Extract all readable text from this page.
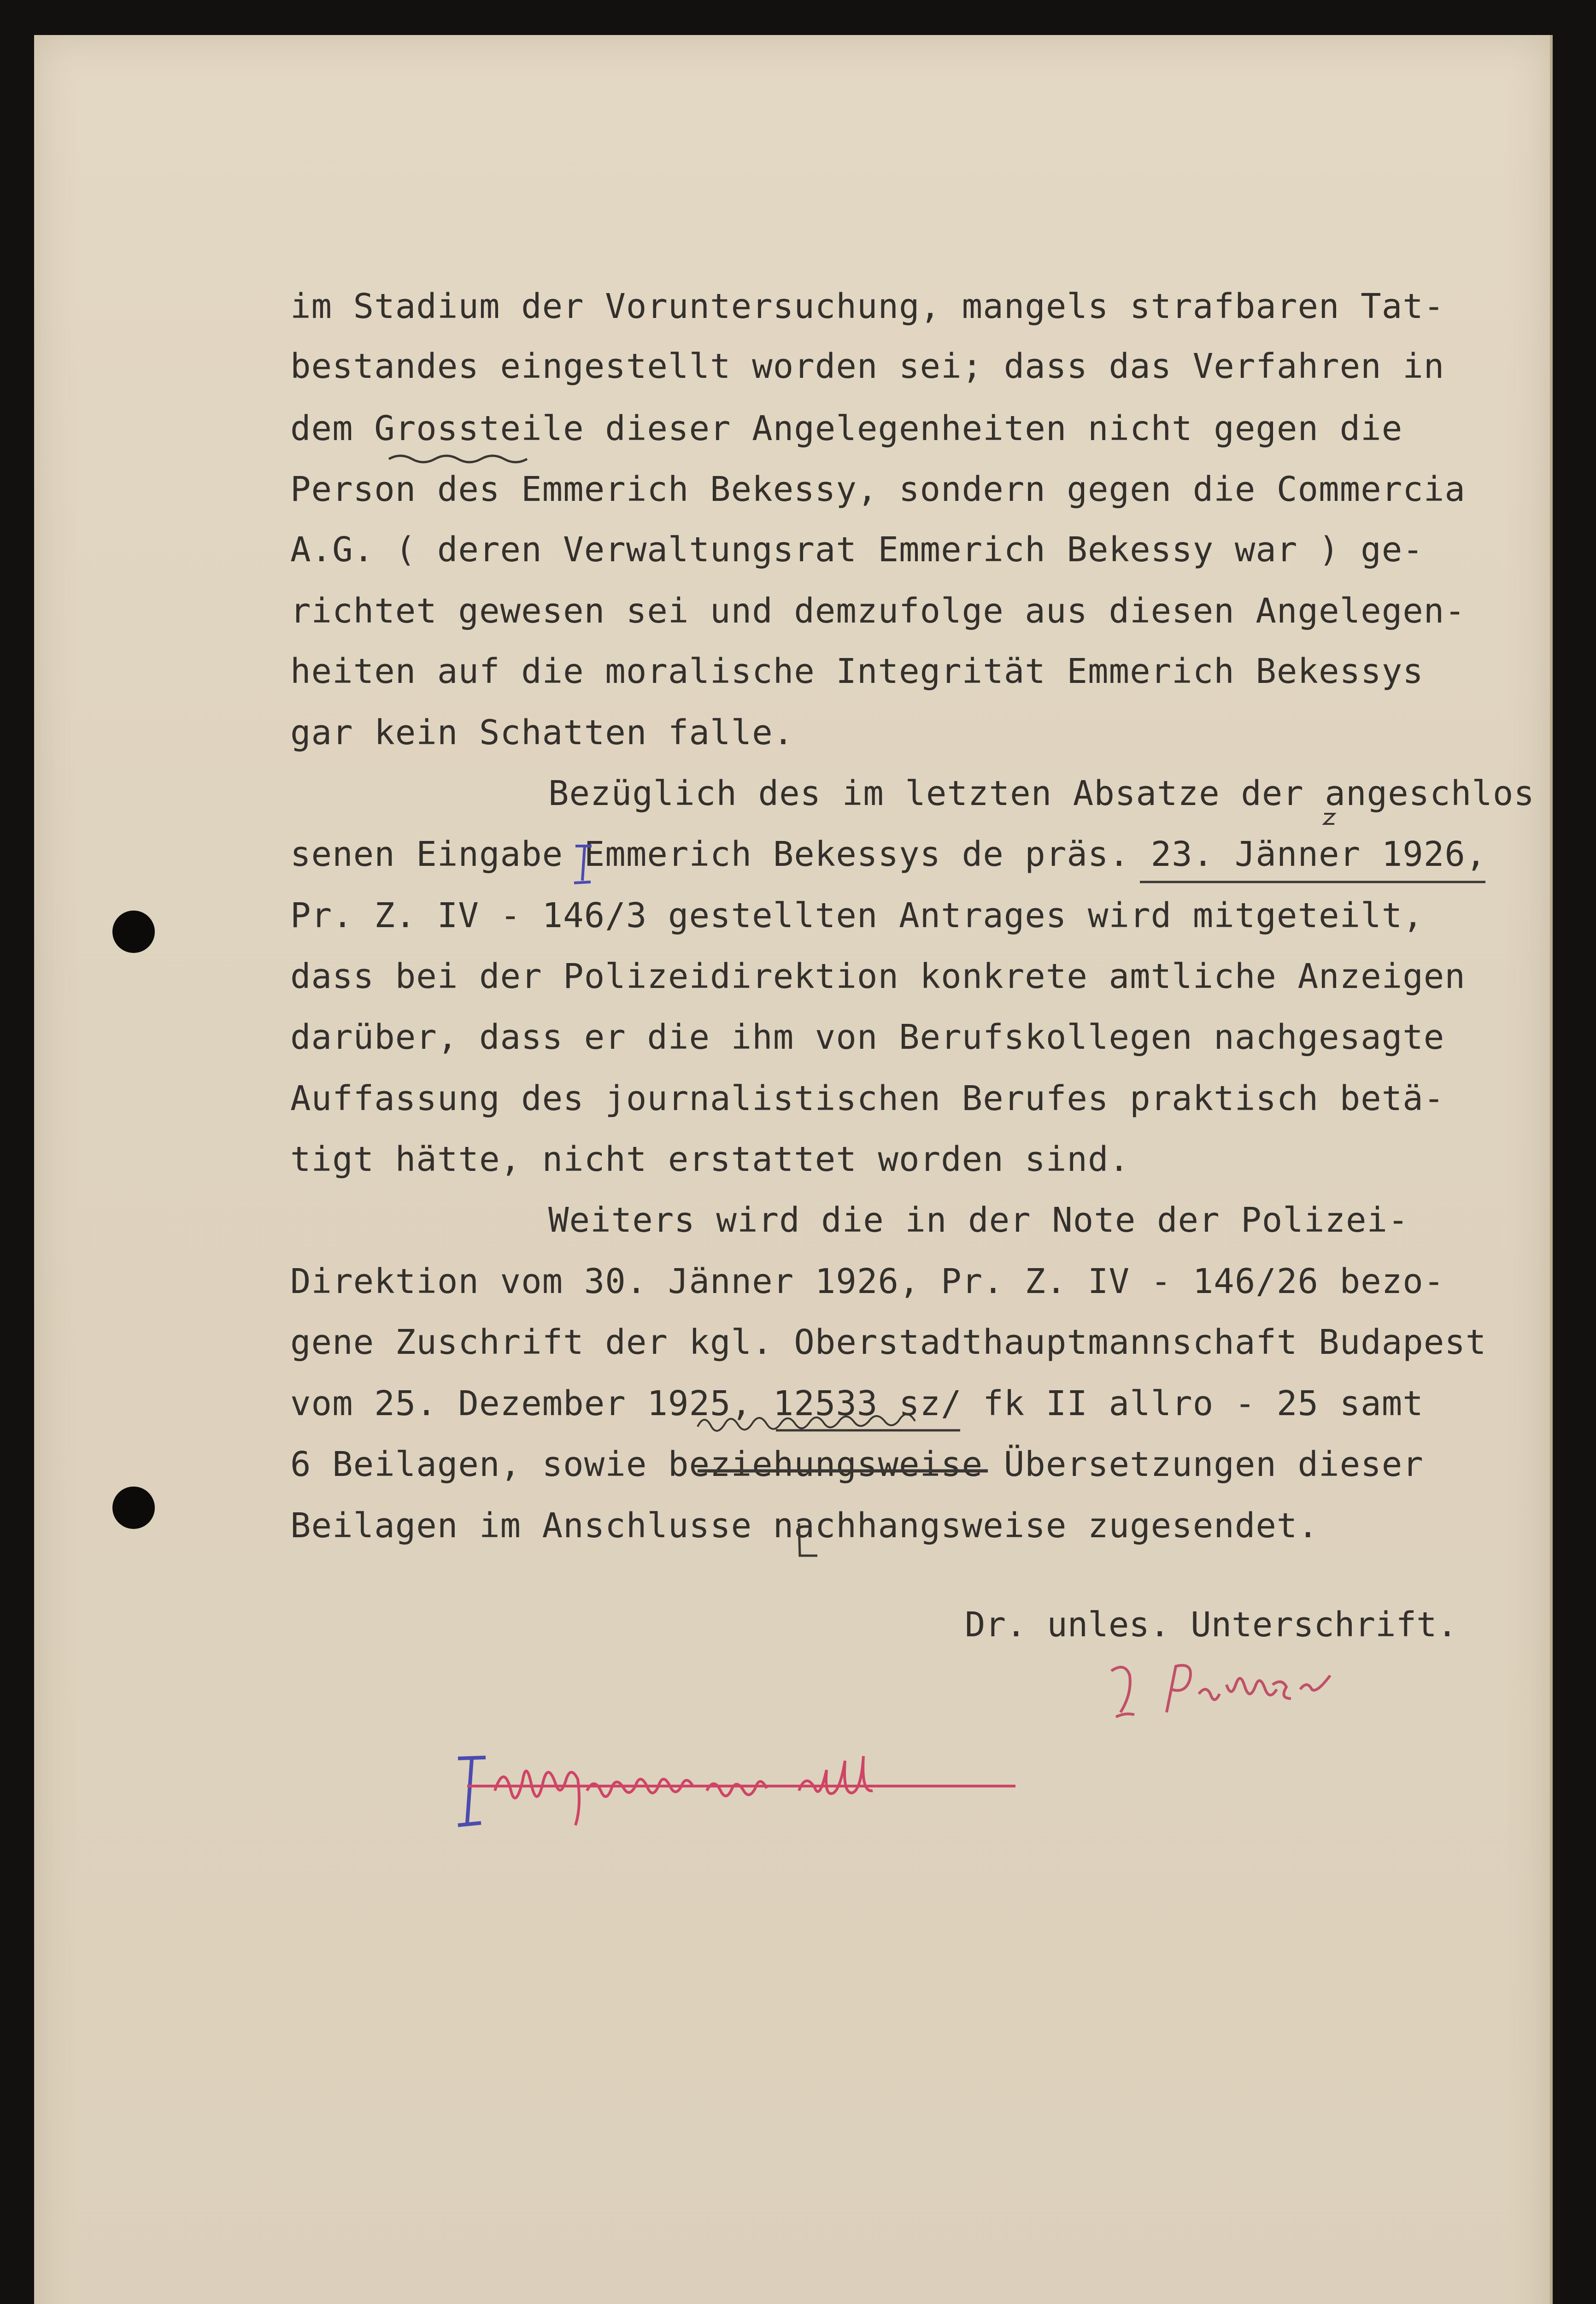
im Stadium der Voruntersuchung, mangels strafbaren Tat-

bestandes eingestellt worden sei; dass das Verfahren in

dem Grossteile dieser Angelegenheiten nicht gegen die

Person des Emmerich Bekessy, sondern gegen die Commercia

A.G. ( deren Verwaltungsrat Emmerich Bekessy war ) ge-

richtet gewesen sei und demzufolge aus diesen Angelegen-

heiten auf die moralische Integrität Emmerich Bekessys

gar kein Schatten falle.

Bezüglich des im letzten Absatze der angeschlos

senen Eingabe Emmerich Bekessys de präs. 23. Jänner 1926,

Pr. Z. IV - 146/3 gestellten Antrages wird mitgeteilt,

dass bei der Polizeidirektion konkrete amtliche Anzeigen

darüber, dass er die ihm von Berufskollegen nachgesagte

Auffassung des journalistischen Berufes praktisch betä-

tigt hätte, nicht erstattet worden sind.

Weiters wird die in der Note der Polizei-

Direktion vom 30. Jänner 1926, Pr. Z. IV - 146/26 bezo-

gene Zuschrift der kgl. Oberstadthauptmannschaft Budapest

vom 25. Dezember 1925, 12533 sz/ fk II allro - 25 samt

6 Beilagen, sowie beziehungsweise Übersetzungen dieser

Beilagen im Anschlusse nachhangsweise zugesendet.

Dr. unles. Unterschrift.
